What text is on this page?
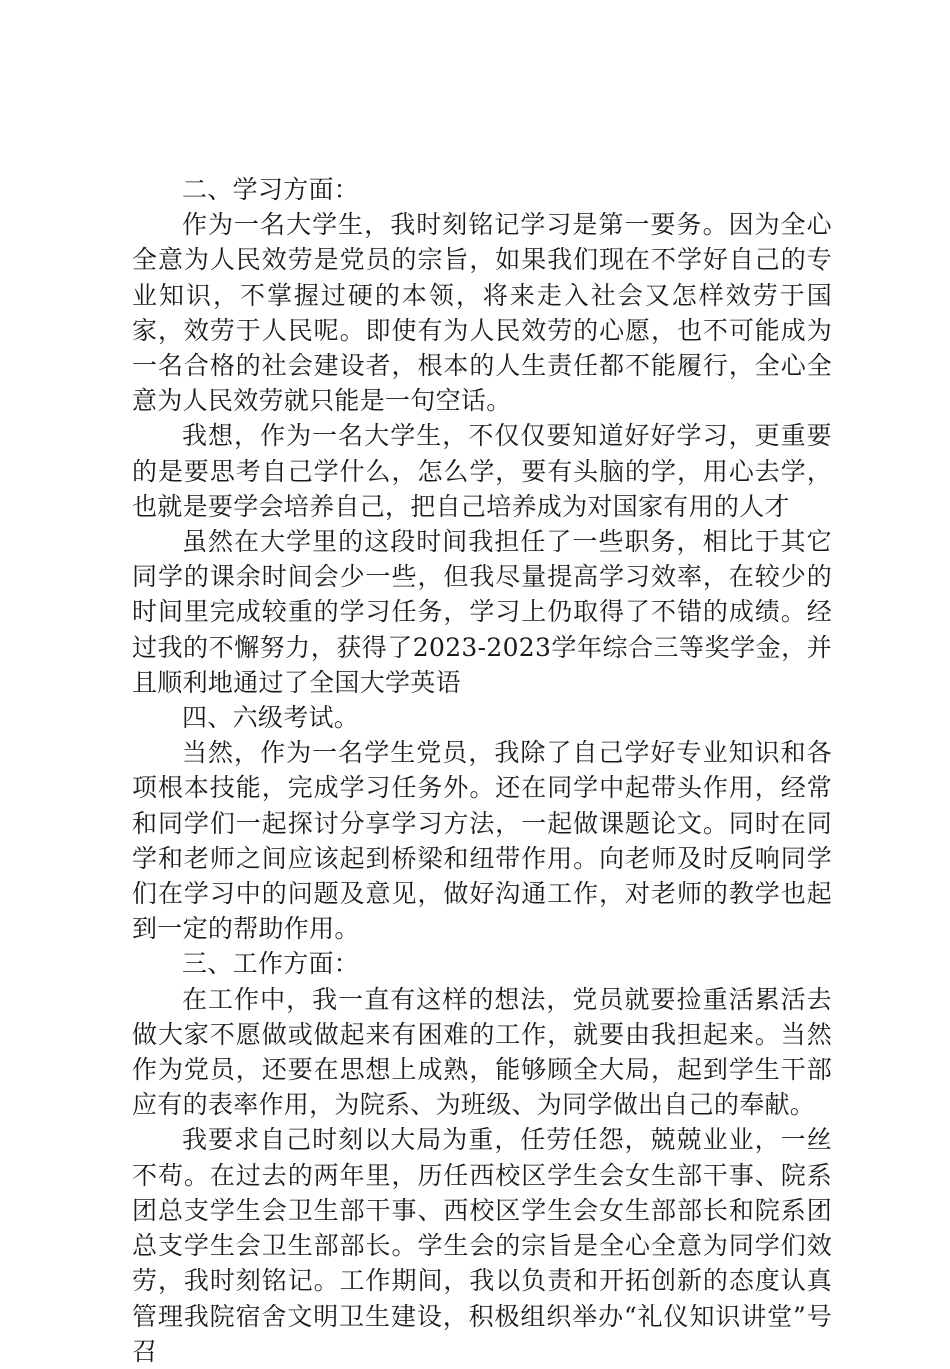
二、学习方面：

作为一名大学生，我时刻铭记学习是第一要务。因为全心全意为人民效劳是党员的宗旨，如果我们现在不学好自己的专业知识，不掌握过硬的本领，将来走入社会又怎样效劳于国家，效劳于人民呢。即使有为人民效劳的心愿，也不可能成为一名合格的社会建设者，根本的人生责任都不能履行，全心全意为人民效劳就只能是一句空话。

我想，作为一名大学生，不仅仅要知道好好学习，更重要的是要思考自己学什么，怎么学，要有头脑的学，用心去学，也就是要学会培养自己，把自己培养成为对国家有用的人才

虽然在大学里的这段时间我担任了一些职务，相比于其它同学的课余时间会少一些，但我尽量提高学习效率，在较少的时间里完成较重的学习任务，学习上仍取得了不错的成绩。经过我的不懈努力，获得了2023-2023学年综合三等奖学金，并且顺利地通过了全国大学英语

四、六级考试。

当然，作为一名学生党员，我除了自己学好专业知识和各项根本技能，完成学习任务外。还在同学中起带头作用，经常和同学们一起探讨分享学习方法，一起做课题论文。同时在同学和老师之间应该起到桥梁和纽带作用。向老师及时反响同学们在学习中的问题及意见，做好沟通工作，对老师的教学也起到一定的帮助作用。

三、工作方面：

在工作中，我一直有这样的想法，党员就要捡重活累活去做大家不愿做或做起来有困难的工作，就要由我担起来。当然作为党员，还要在思想上成熟，能够顾全大局，起到学生干部应有的表率作用，为院系、为班级、为同学做出自己的奉献。

我要求自己时刻以大局为重，任劳任怨，兢兢业业，一丝不苟。在过去的两年里，历任西校区学生会女生部干事、院系团总支学生会卫生部干事、西校区学生会女生部部长和院系团总支学生会卫生部部长。学生会的宗旨是全心全意为同学们效劳，我时刻铭记。工作期间，我以负责和开拓创新的态度认真管理我院宿舍文明卫生建设，积极组织举办“礼仪知识讲堂”号召
